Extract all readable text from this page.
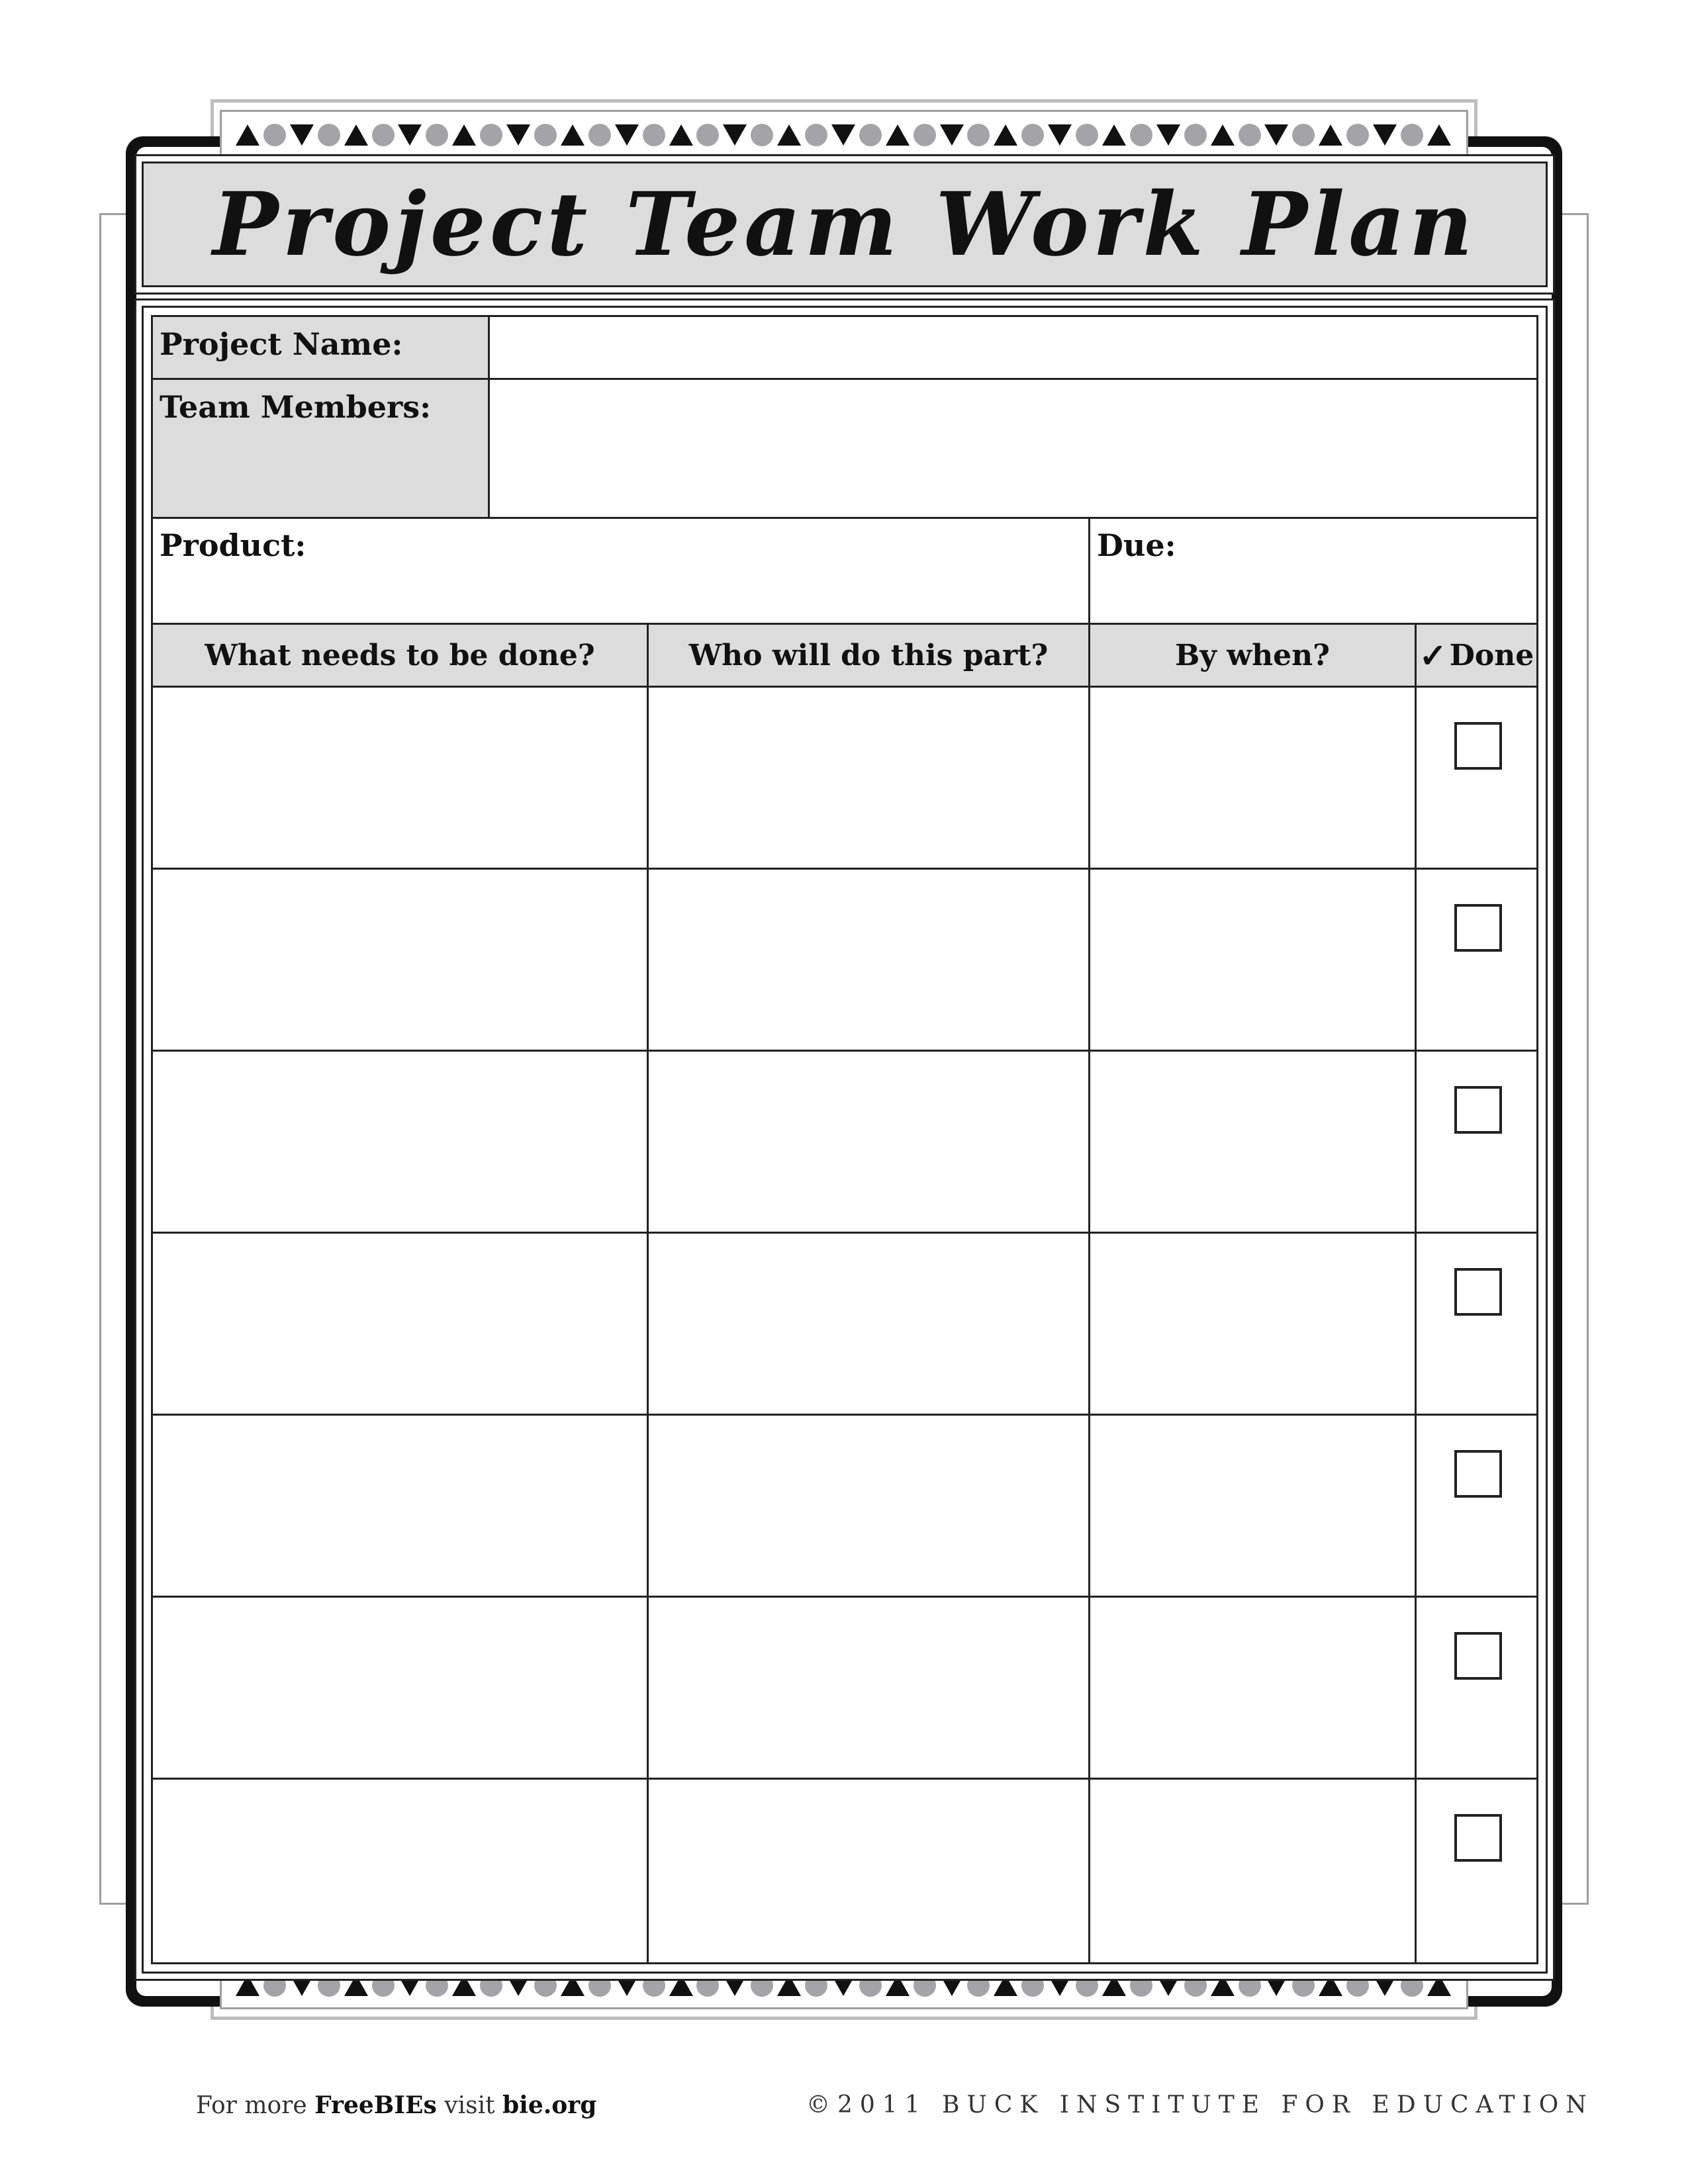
Project Team Work Plan
Project Name:
Team Members:
Product:	Due:
What needs to be done?	Who will do this part?	By when?	✓ Done
For more FreeBIEs visit bie.org	©2011 BUCK INSTITUTE FOR EDUCATION
